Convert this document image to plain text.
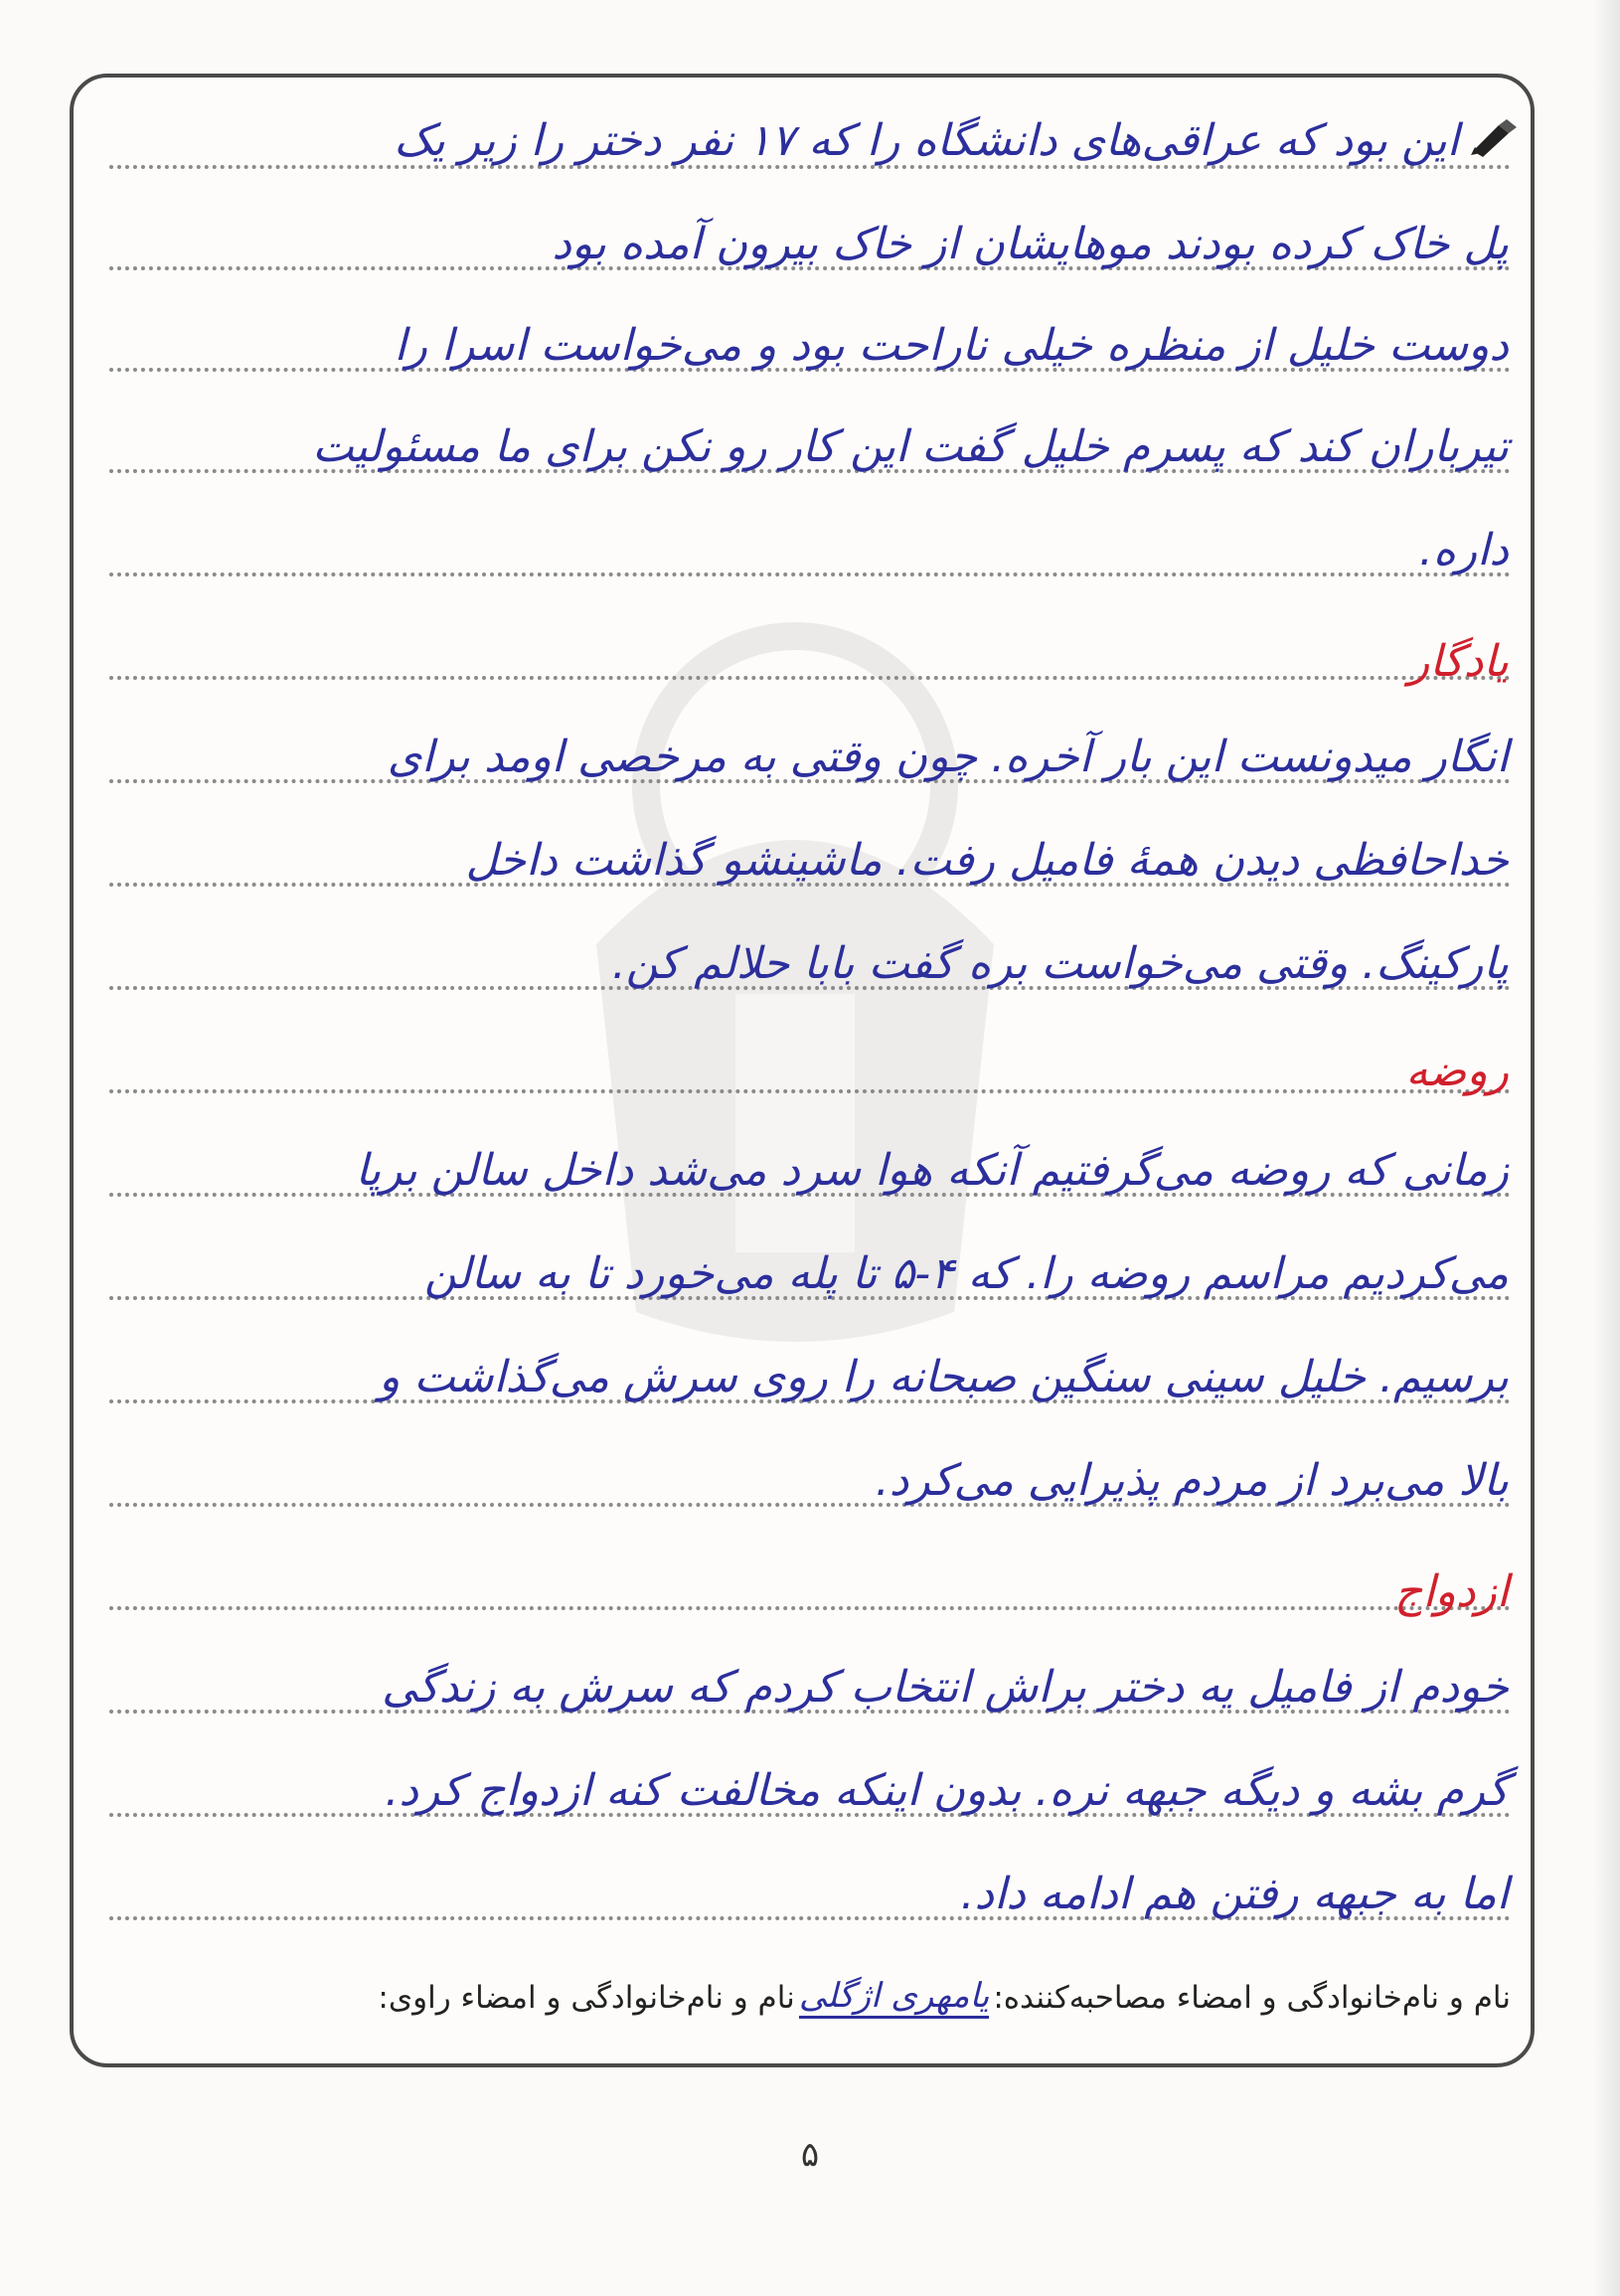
این بود که عراقی‌های دانشگاه را که ۱۷ نفر دختر را زیر یک
پل خاک کرده بودند موهایشان از خاک بیرون آمده بود
دوست خلیل از منظره خیلی ناراحت بود و می‌خواست اسرا را
تیرباران کند که پسرم خلیل گفت این کار رو نکن برای ما مسئولیت
داره.
یادگار
انگار میدونست این بار آخره. چون وقتی به مرخصی اومد برای
خداحافظی دیدن همهٔ فامیل رفت. ماشینشو گذاشت داخل
پارکینگ. وقتی می‌خواست بره گفت بابا حلالم کن.
روضه
زمانی که روضه می‌گرفتیم آنکه هوا سرد می‌شد داخل سالن برپا
می‌کردیم مراسم روضه را. که ۴-۵ تا پله می‌خورد تا به سالن
برسیم. خلیل سینی سنگین صبحانه را روی سرش می‌گذاشت و
بالا می‌برد از مردم پذیرایی می‌کرد.
ازدواج
خودم از فامیل یه دختر براش انتخاب کردم که سرش به زندگی
گرم بشه و دیگه جبهه نره. بدون اینکه مخالفت کنه ازدواج کرد.
اما به جبهه رفتن هم ادامه داد.
نام و نام‌خانوادگی و امضاء مصاحبه‌کننده:
یامهری اژگلی
نام و نام‌خانوادگی و امضاء راوی:
۵
